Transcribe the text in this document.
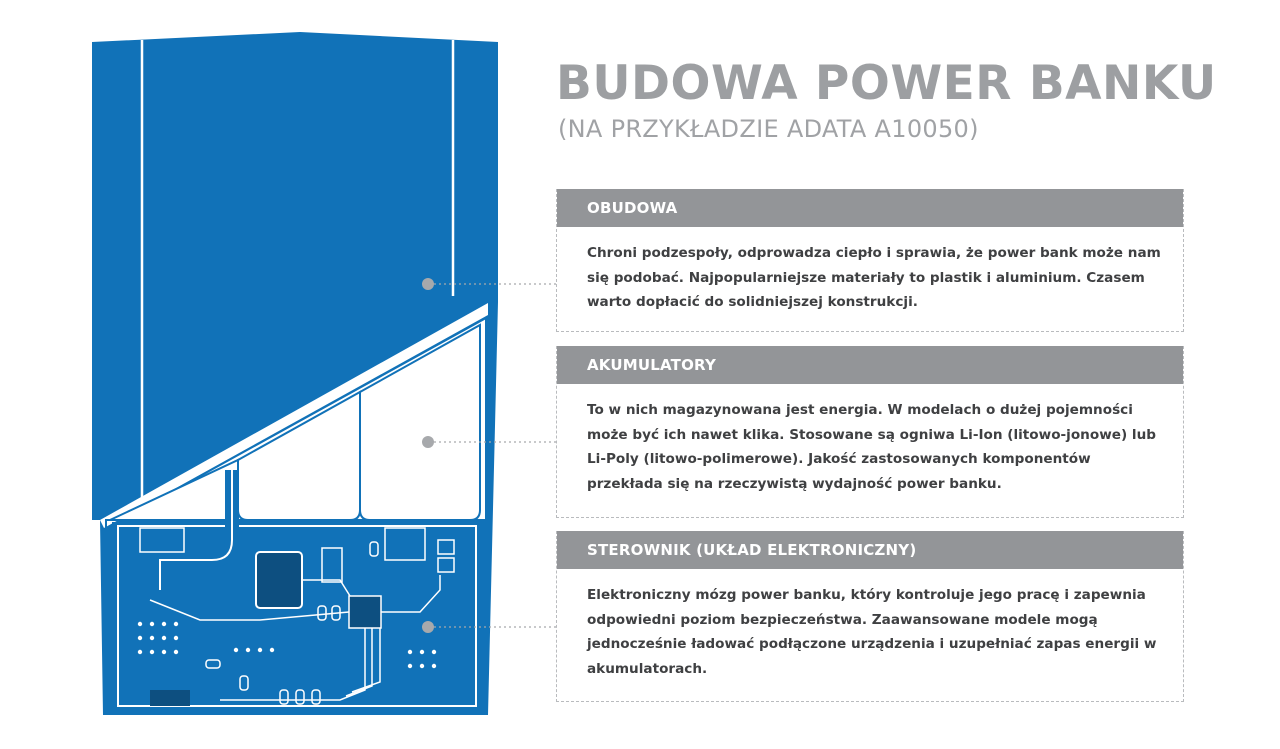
BUDOWA POWER BANKU

(NA PRZYKŁADZIE ADATA A10050)

OBUDOWA
Chroni podzespoły, odprowadza ciepło i sprawia, że power bank może nam się podobać. Najpopularniejsze materiały to plastik i aluminium. Czasem warto dopłacić do solidniejszej konstrukcji.
AKUMULATORY
To w nich magazynowana jest energia. W modelach o dużej pojemności może być ich nawet klika. Stosowane są ogniwa Li-Ion (litowo-jonowe) lub Li-Poly (litowo-polimerowe). Jakość zastosowanych komponentów przekłada się na rzeczywistą wydajność power banku.
STEROWNIK (UKŁAD ELEKTRONICZNY)
Elektroniczny mózg power banku, który kontroluje jego pracę i zapewnia odpowiedni poziom bezpieczeństwa. Zaawansowane modele mogą jednocześnie ładować podłączone urządzenia i uzupełniać zapas energii w akumulatorach.
